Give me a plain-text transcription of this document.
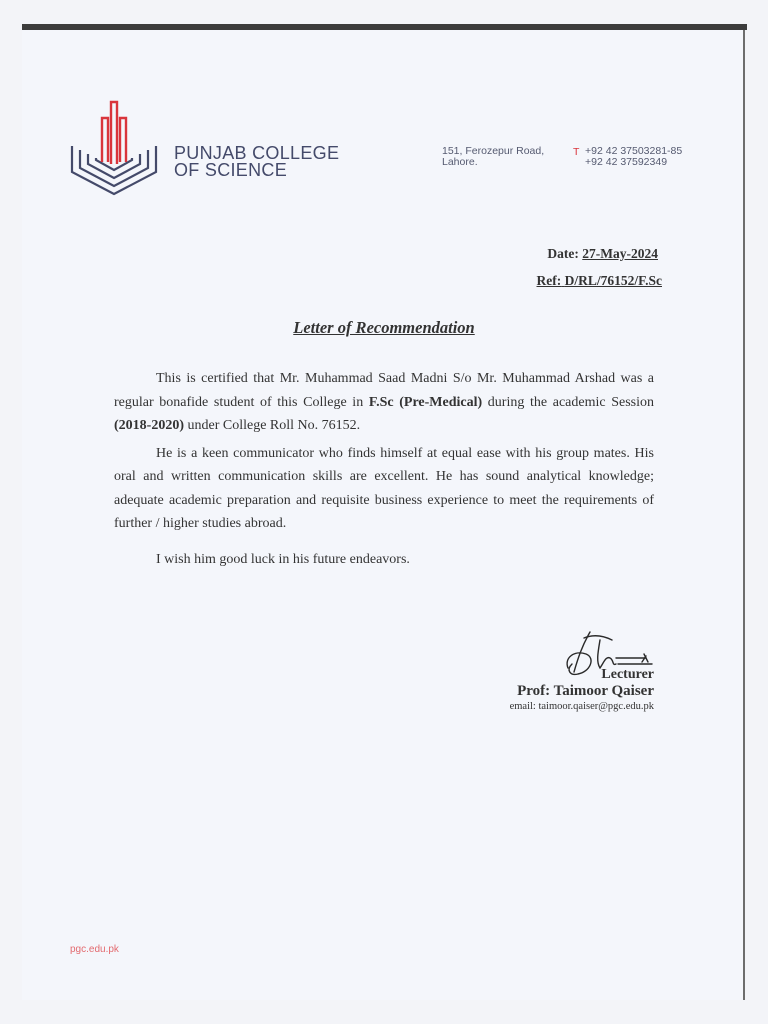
PUNJAB COLLEGE
OF SCIENCE
151, Ferozepur Road,
Lahore.
T +92 42 37503281-85
+92 42 37592349
Date: 27-May-2024
Ref: D/RL/76152/F.Sc
Letter of Recommendation

This is certified that Mr. Muhammad Saad Madni S/o Mr. Muhammad Arshad was a regular bonafide student of this College in F.Sc (Pre-Medical) during the academic Session (2018-2020) under College Roll No. 76152.

He is a keen communicator who finds himself at equal ease with his group mates. His oral and written communication skills are excellent. He has sound analytical knowledge; adequate academic preparation and requisite business experience to meet the requirements of further / higher studies abroad.

I wish him good luck in his future endeavors.

Lecturer
Prof: Taimoor Qaiser
email: taimoor.qaiser@pgc.edu.pk
pgc.edu.pk
